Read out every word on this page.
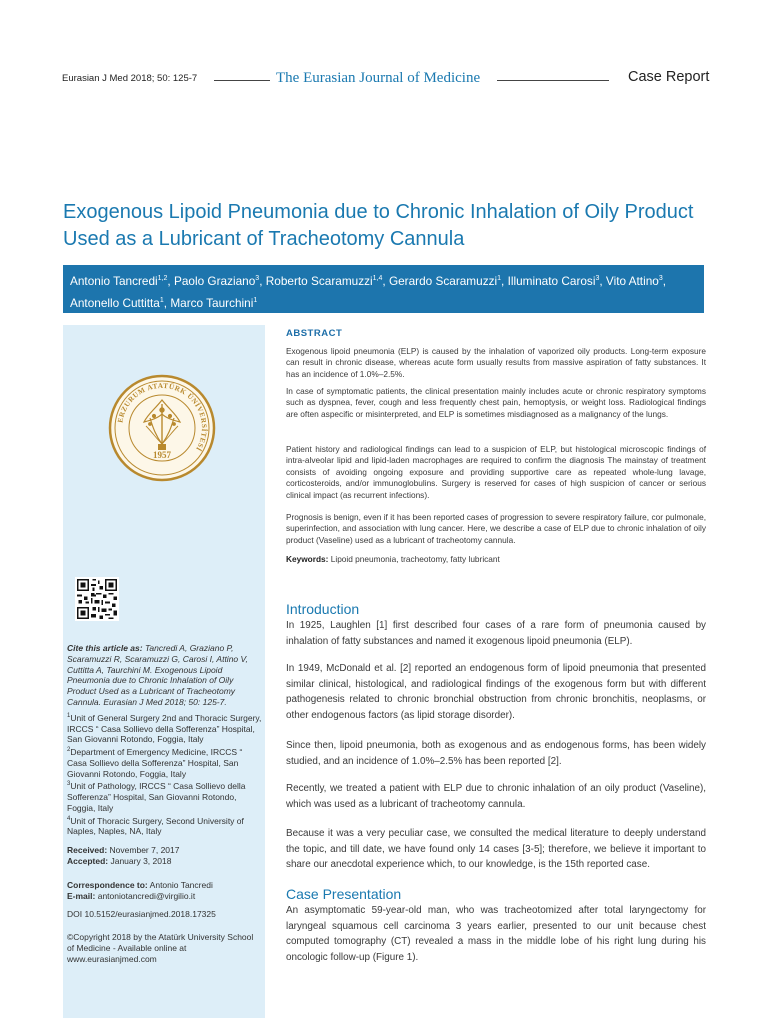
Eurasian J Med 2018; 50: 125-7	The Eurasian Journal of Medicine	Case Report
Exogenous Lipoid Pneumonia due to Chronic Inhalation of Oily Product Used as a Lubricant of Tracheotomy Cannula
Antonio Tancredi$^{1,2}$, Paolo Graziano$^3$, Roberto Scaramuzzi$^{1,4}$, Gerardo Scaramuzzi$^1$, Illuminato Carosi$^3$, Vito Attino$^3$,
Antonello Cuttitta$^1$, Marco Taurchini$^1$
ERZURUM ATATÜRK ÜNİVERSİTESİ
1957
Cite this article as: Tancredi A, Graziano P, Scaramuzzi R, Scaramuzzi G, Carosi I, Attino V, Cuttitta A, Taurchini M. Exogenous Lipoid Pneumonia due to Chronic Inhalation of Oily Product Used as a Lubricant of Tracheotomy Cannula. Eurasian J Med 2018; 50: 125-7.
$^1$Unit of General Surgery 2nd and Thoracic Surgery, IRCCS “ Casa Sollievo della Sofferenza” Hospital, San Giovanni Rotondo, Foggia, Italy
$^2$Department of Emergency Medicine, IRCCS “ Casa Sollievo della Sofferenza” Hospital, San Giovanni Rotondo, Foggia, Italy
$^3$Unit of Pathology, IRCCS “ Casa Sollievo della Sofferenza” Hospital, San Giovanni Rotondo, Foggia, Italy
$^4$Unit of Thoracic Surgery, Second University of Naples, Naples, NA, Italy
Received: November 7, 2017
Accepted: January 3, 2018
Correspondence to: Antonio Tancredi
E-mail: antoniotancredi@virgilio.it
DOI 10.5152/eurasianjmed.2018.17325
©Copyright 2018 by the Atatürk University School of Medicine - Available online at www.eurasianjmed.com
ABSTRACT
Exogenous lipoid pneumonia (ELP) is caused by the inhalation of vaporized oily products. Long-term exposure can result in chronic disease, whereas acute form usually results from massive aspiration of fatty substances. It has an incidence of 1.0%–2.5%.
In case of symptomatic patients, the clinical presentation mainly includes acute or chronic respiratory symptoms such as dyspnea, fever, cough and less frequently chest pain, hemoptysis, or weight loss. Radiological findings are often aspecific or misinterpreted, and ELP is sometimes misdiagnosed as a malignancy of the lungs.
Patient history and radiological findings can lead to a suspicion of ELP, but histological microscopic findings of intra-alveolar lipid and lipid-laden macrophages are required to confirm the diagnosis The mainstay of treatment consists of avoiding ongoing exposure and providing supportive care as repeated whole-lung lavage, corticosteroids, and/or immunoglobulins. Surgery is reserved for cases of high suspicion of cancer or serious clinical impact (as recurrent infections).
Prognosis is benign, even if it has been reported cases of progression to severe respiratory failure, cor pulmonale, superinfection, and association with lung cancer. Here, we describe a case of ELP due to chronic inhalation of oily product (Vaseline) used as a lubricant of tracheotomy cannula.
Keywords: Lipoid pneumonia, tracheotomy, fatty lubricant
Introduction
In 1925, Laughlen [1] first described four cases of a rare form of pneumonia caused by inhalation of fatty substances and named it exogenous lipoid pneumonia (ELP).
In 1949, McDonald et al. [2] reported an endogenous form of lipoid pneumonia that presented similar clinical, histological, and radiological findings of the exogenous form but with different pathogenesis related to chronic bronchial obstruction from chronic bronchitis, neoplasms, or other endogenous factors (as lipid storage disorder).
Since then, lipoid pneumonia, both as exogenous and as endogenous forms, has been widely studied, and an incidence of 1.0%–2.5% has been reported [2].
Recently, we treated a patient with ELP due to chronic inhalation of an oily product (Vaseline), which was used as a lubricant of tracheotomy cannula.
Because it was a very peculiar case, we consulted the medical literature to deeply understand the topic, and till date, we have found only 14 cases [3-5]; therefore, we believe it important to share our anecdotal experience which, to our knowledge, is the 15th reported case.
Case Presentation
An asymptomatic 59-year-old man, who was tracheotomized after total laryngectomy for laryngeal squamous cell carcinoma 3 years earlier, presented to our unit because chest computed tomography (CT) revealed a mass in the middle lobe of his right lung during his oncologic follow-up (Figure 1).
